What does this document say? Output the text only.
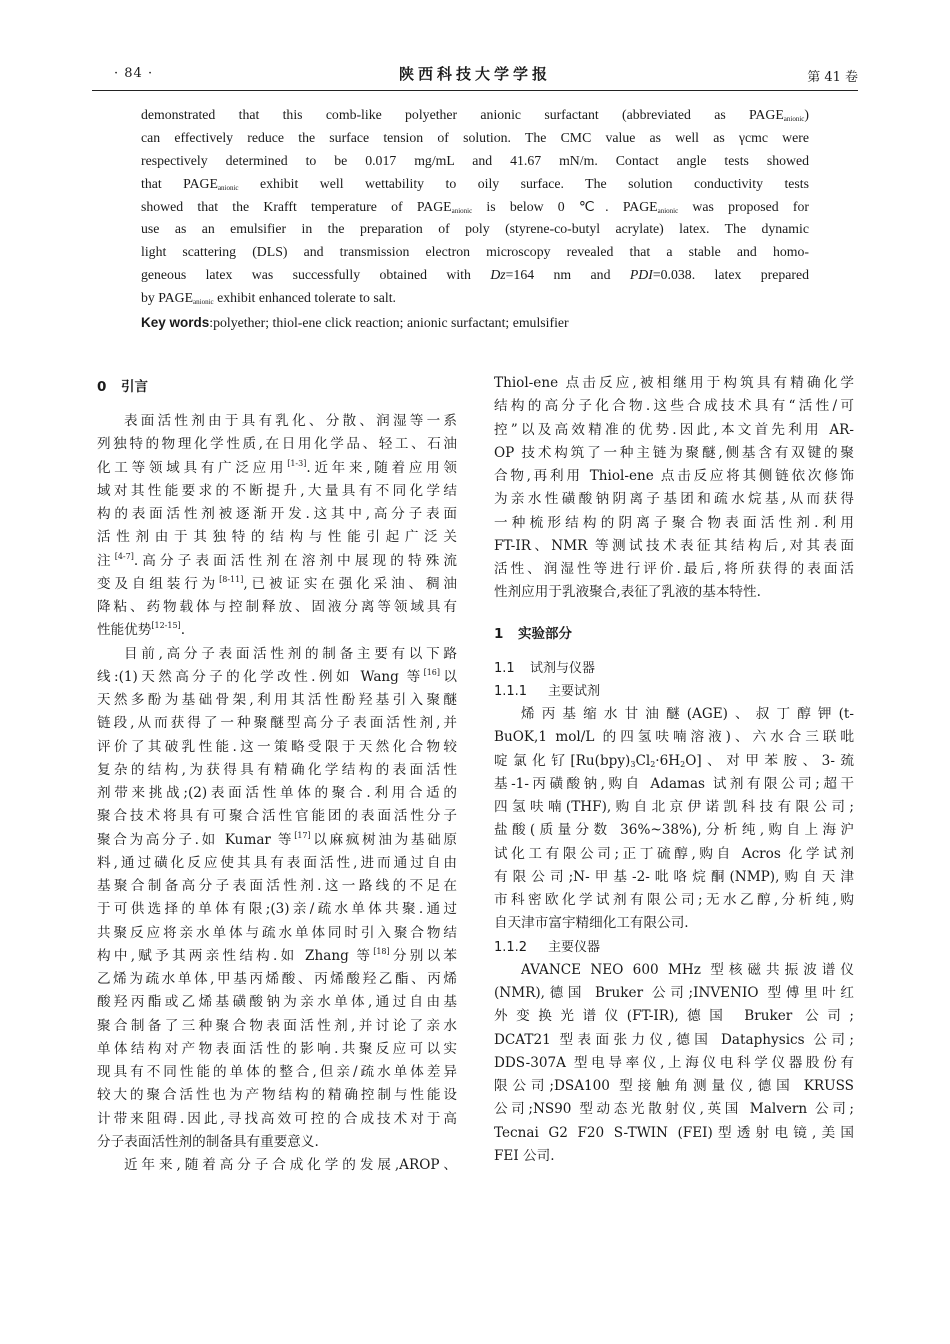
· 84 ·	陕西科技大学学报	第 41 卷
demonstrated that this comb-like polyether anionic surfactant (abbreviated as $PAGE_{anionic}$)
can effectively reduce the surface tension of solution. The CMC value as well as γcmc were
respectively determined to be 0.017 mg/mL and 41.67 mN/m. Contact angle tests showed
that $PAGE_{anionic}$ exhibit well wettability to oily surface. The solution conductivity tests
showed that the Krafft temperature of $PAGE_{anionic}$ is below 0 ℃. $PAGE_{anionic}$ was proposed for
use as an emulsifier in the preparation of poly (styrene-co-butyl acrylate) latex. The dynamic
light scattering (DLS) and transmission electron microscopy revealed that a stable and homo-
geneous latex was successfully obtained with Dz=164 nm and PDI=0.038. latex prepared
by $PAGE_{anionic}$ exhibit enhanced tolerate to salt.
Key words:polyether; thiol-ene click reaction; anionic surfactant; emulsifier
0 引言
表面活性剂由于具有乳化、分散、润湿等一系
列独特的物理化学性质,在日用化学品、轻工、石油
化工等领域具有广泛应用[1-3].近年来,随着应用领
域对其性能要求的不断提升,大量具有不同化学结
构的表面活性剂被逐渐开发.这其中,高分子表面
活性剂由于其独特的结构与性能引起广泛关
注[4-7].高分子表面活性剂在溶剂中展现的特殊流
变及自组装行为[8-11],已被证实在强化采油、稠油
降粘、药物载体与控制释放、固液分离等领域具有
性能优势[12-15].
目前,高分子表面活性剂的制备主要有以下路
线:(1)天然高分子的化学改性.例如 Wang 等[16]以
天然多酚为基础骨架,利用其活性酚羟基引入聚醚
链段,从而获得了一种聚醚型高分子表面活性剂,并
评价了其破乳性能.这一策略受限于天然化合物较
复杂的结构,为获得具有精确化学结构的表面活性
剂带来挑战;(2)表面活性单体的聚合.利用合适的
聚合技术将具有可聚合活性官能团的表面活性分子
聚合为高分子.如 Kumar 等[17]以麻疯树油为基础原
料,通过磺化反应使其具有表面活性,进而通过自由
基聚合制备高分子表面活性剂.这一路线的不足在
于可供选择的单体有限;(3)亲/疏水单体共聚.通过
共聚反应将亲水单体与疏水单体同时引入聚合物结
构中,赋予其两亲性结构.如 Zhang 等[18]分别以苯
乙烯为疏水单体,甲基丙烯酸、丙烯酸羟乙酯、丙烯
酸羟丙酯或乙烯基磺酸钠为亲水单体,通过自由基
聚合制备了三种聚合物表面活性剂,并讨论了亲水
单体结构对产物表面活性的影响.共聚反应可以实
现具有不同性能的单体的整合,但亲/疏水单体差异
较大的聚合活性也为产物结构的精确控制与性能设
计带来阻碍.因此,寻找高效可控的合成技术对于高
分子表面活性剂的制备具有重要意义.
近年来,随着高分子合成化学的发展,AROP、
Thiol-ene 点击反应,被相继用于构筑具有精确化学
结构的高分子化合物.这些合成技术具有“活性/可
控”以及高效精准的优势.因此,本文首先利用 AR-
OP 技术构筑了一种主链为聚醚,侧基含有双键的聚
合物,再利用 Thiol-ene 点击反应将其侧链依次修饰
为亲水性磺酸钠阴离子基团和疏水烷基,从而获得
一种梳形结构的阴离子聚合物表面活性剂.利用
FT-IR、NMR 等测试技术表征其结构后,对其表面
活性、润湿性等进行评价.最后,将所获得的表面活
性剂应用于乳液聚合,表征了乳液的基本特性.
1 实验部分
1.1 试剂与仪器
1.1.1 主要试剂
烯丙基缩水甘油醚(AGE)、叔丁醇钾(t-
BuOK,1 mol/L 的四氢呋喃溶液)、六水合三联吡
啶氯化钌[Ru(bpy)3Cl2·6H2O]、对甲苯胺、3-巯
基-1-丙磺酸钠,购自 Adamas 试剂有限公司;超干
四氢呋喃(THF),购自北京伊诺凯科技有限公司;
盐酸(质量分数 36%~38%),分析纯,购自上海沪
试化工有限公司;正丁硫醇,购自 Acros 化学试剂
有限公司;N-甲基-2-吡咯烷酮(NMP),购自天津
市科密欧化学试剂有限公司;无水乙醇,分析纯,购
自天津市富宇精细化工有限公司.
1.1.2 主要仪器
AVANCE NEO 600 MHz 型核磁共振波谱仪
(NMR),德国 Bruker 公司;INVENIO 型傅里叶红
外变换光谱仪(FT-IR),德国 Bruker 公司;
DCAT21 型表面张力仪,德国 Dataphysics 公司;
DDS-307A 型电导率仪,上海仪电科学仪器股份有
限公司;DSA100 型接触角测量仪,德国 KRUSS
公司;NS90 型动态光散射仪,英国 Malvern 公司;
Tecnai G2 F20 S-TWIN (FEI)型透射电镜,美国
FEI 公司.
